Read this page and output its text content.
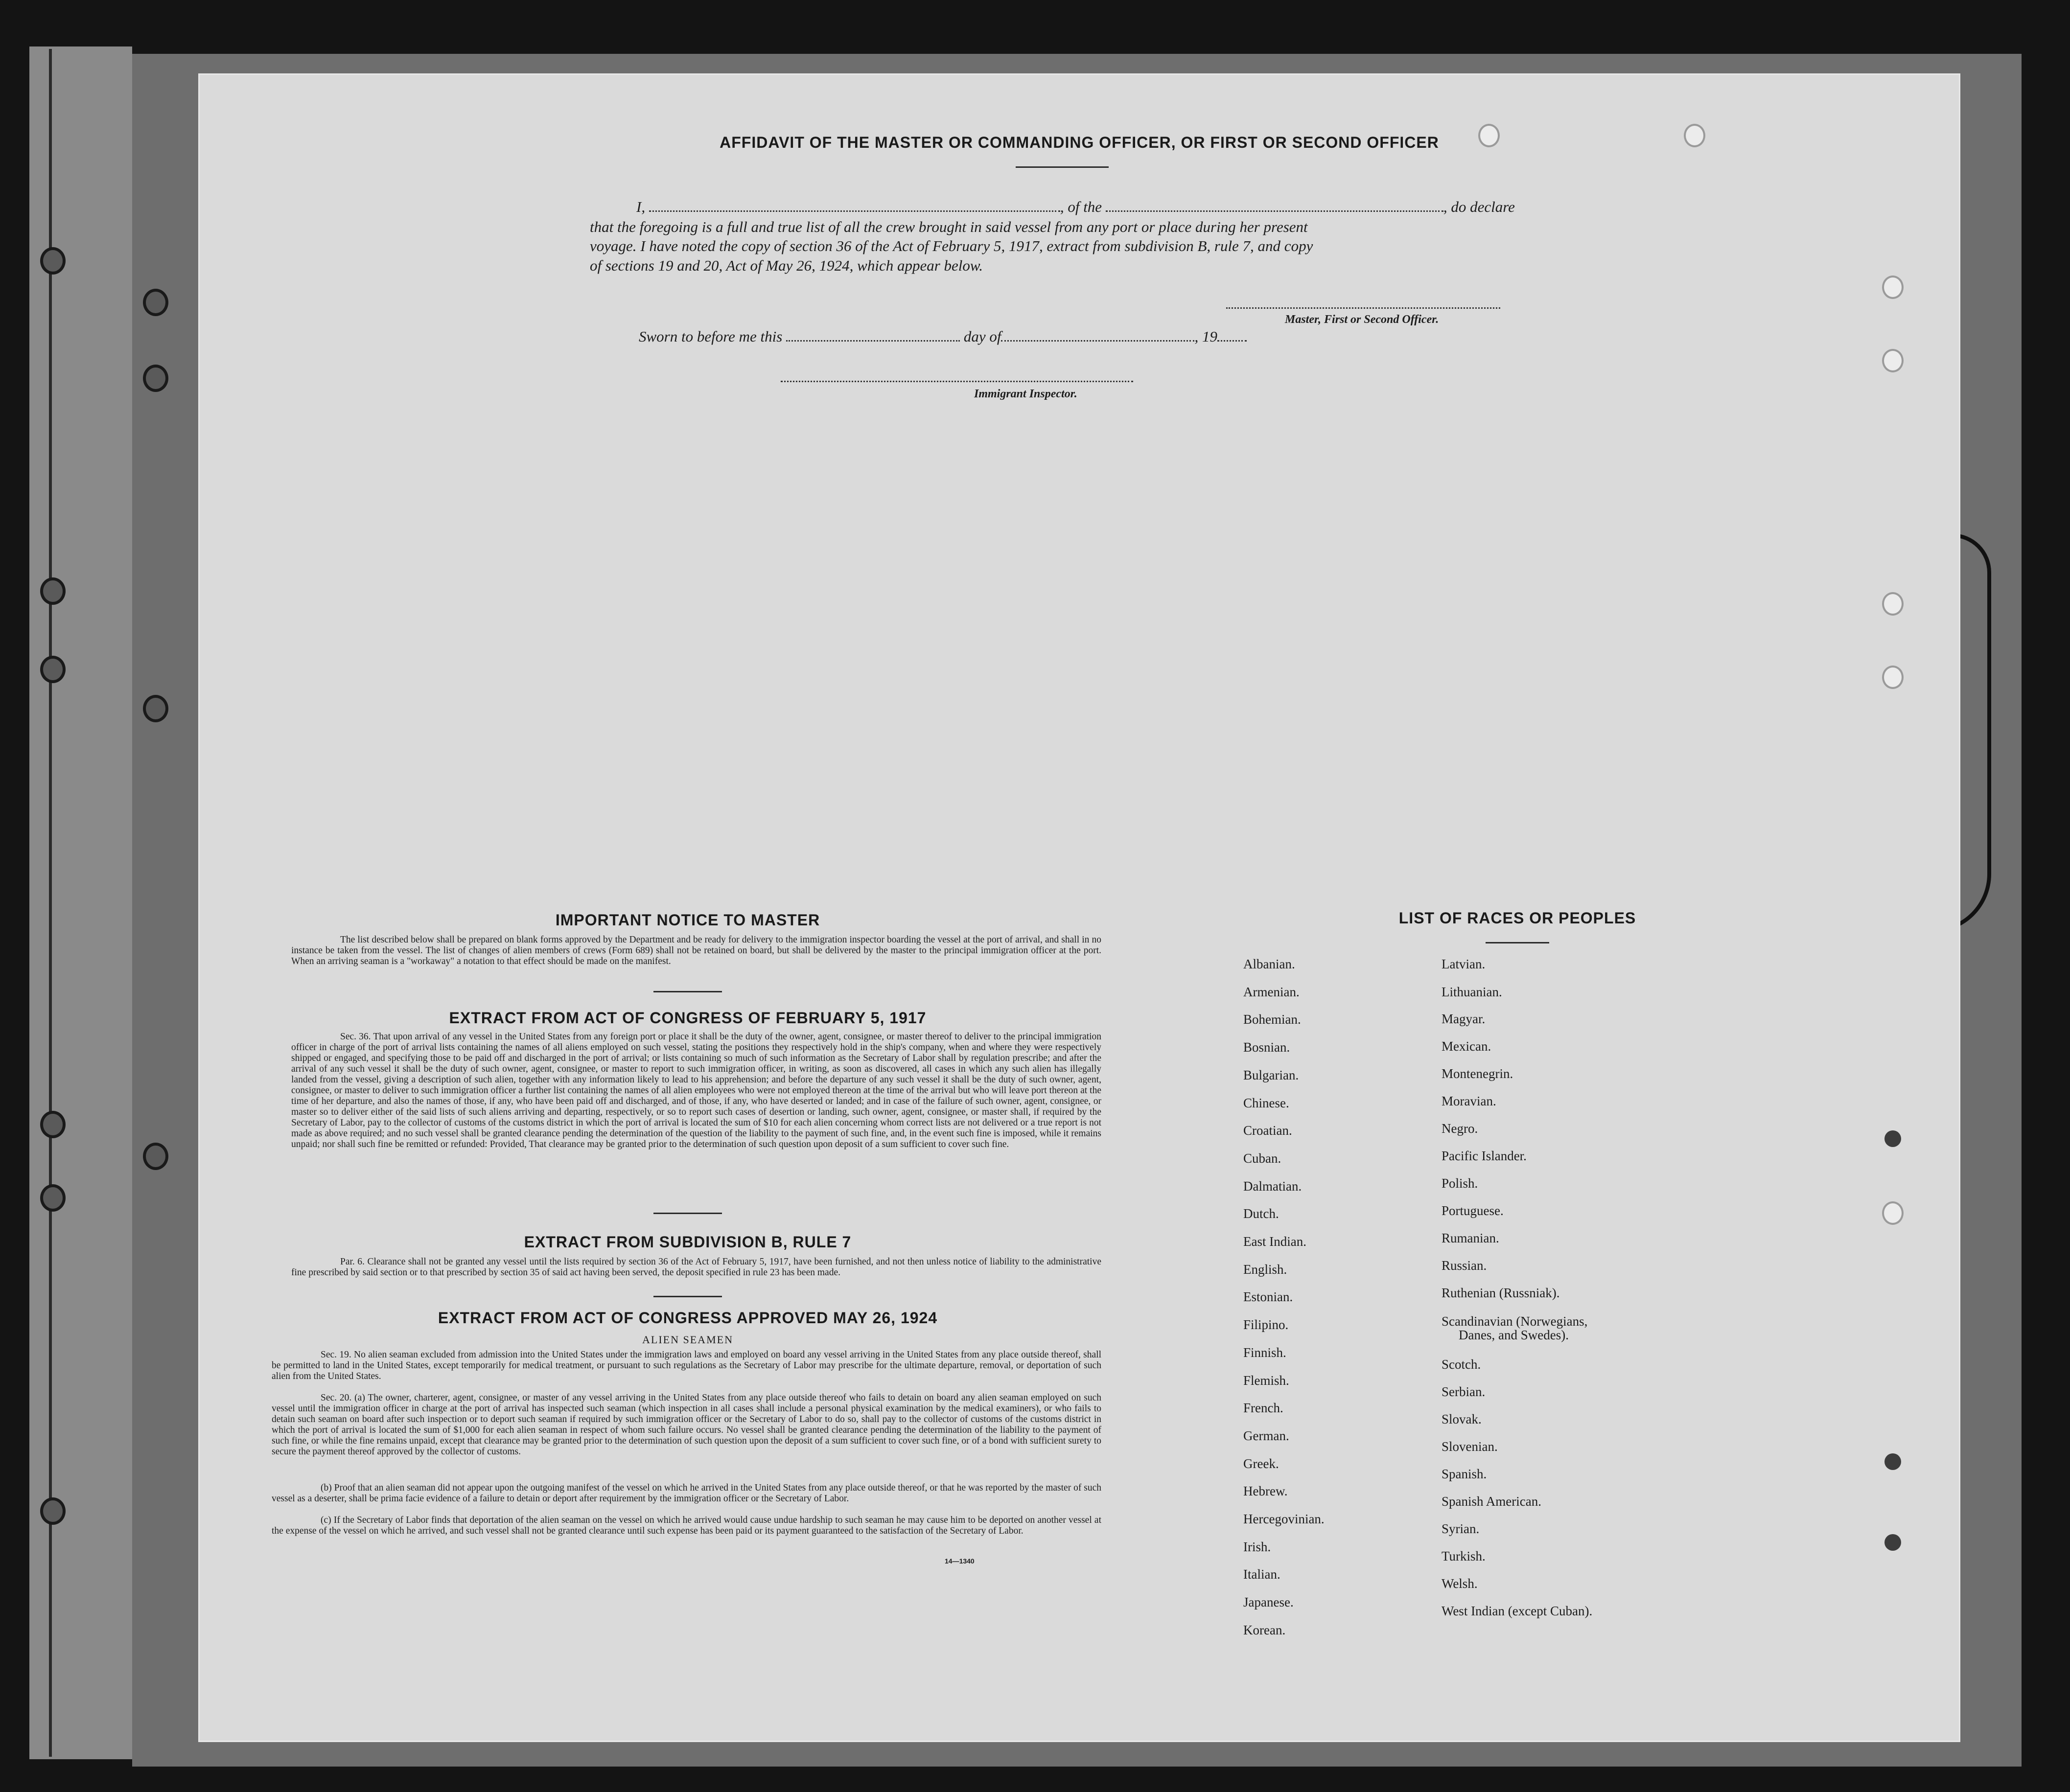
AFFIDAVIT OF THE MASTER OR COMMANDING OFFICER, OR FIRST OR SECOND OFFICER
I,	, of the	, do declare
that the foregoing is a full and true list of all the crew brought in said vessel from any port or place during her present
voyage. I have noted the copy of section 36 of the Act of February 5, 1917, extract from subdivision B, rule 7, and copy
of sections 19 and 20, Act of May 26, 1924, which appear below.
Master, First or Second Officer.
Sworn to before me this	day of	, 19
Immigrant Inspector.
IMPORTANT NOTICE TO MASTER
The list described below shall be prepared on blank forms approved by the Department and be ready for delivery to the immigration inspector boarding the vessel at the port of arrival, and shall in no instance be taken from the vessel. The list of changes of alien members of crews (Form 689) shall not be retained on board, but shall be delivered by the master to the principal immigration officer at the port. When an arriving seaman is a "workaway" a notation to that effect should be made on the manifest.
EXTRACT FROM ACT OF CONGRESS OF FEBRUARY 5, 1917
Sec. 36. That upon arrival of any vessel in the United States from any foreign port or place it shall be the duty of the owner, agent, consignee, or master thereof to deliver to the principal immigration officer in charge of the port of arrival lists containing the names of all aliens employed on such vessel, stating the positions they respectively hold in the ship's company, when and where they were respectively shipped or engaged, and specifying those to be paid off and discharged in the port of arrival; or lists containing so much of such information as the Secretary of Labor shall by regulation prescribe; and after the arrival of any such vessel it shall be the duty of such owner, agent, consignee, or master to report to such immigration officer, in writing, as soon as discovered, all cases in which any such alien has illegally landed from the vessel, giving a description of such alien, together with any information likely to lead to his apprehension; and before the departure of any such vessel it shall be the duty of such owner, agent, consignee, or master to deliver to such immigration officer a further list containing the names of all alien employees who were not employed thereon at the time of the arrival but who will leave port thereon at the time of her departure, and also the names of those, if any, who have been paid off and discharged, and of those, if any, who have deserted or landed; and in case of the failure of such owner, agent, consignee, or master so to deliver either of the said lists of such aliens arriving and departing, respectively, or so to report such cases of desertion or landing, such owner, agent, consignee, or master shall, if required by the Secretary of Labor, pay to the collector of customs of the customs district in which the port of arrival is located the sum of $10 for each alien concerning whom correct lists are not delivered or a true report is not made as above required; and no such vessel shall be granted clearance pending the determination of the question of the liability to the payment of such fine, and, in the event such fine is imposed, while it remains unpaid; nor shall such fine be remitted or refunded: Provided, That clearance may be granted prior to the determination of such question upon deposit of a sum sufficient to cover such fine.
EXTRACT FROM SUBDIVISION B, RULE 7
Par. 6. Clearance shall not be granted any vessel until the lists required by section 36 of the Act of February 5, 1917, have been furnished, and not then unless notice of liability to the administrative fine prescribed by said section or to that prescribed by section 35 of said act having been served, the deposit specified in rule 23 has been made.
EXTRACT FROM ACT OF CONGRESS APPROVED MAY 26, 1924
ALIEN SEAMEN
Sec. 19. No alien seaman excluded from admission into the United States under the immigration laws and employed on board any vessel arriving in the United States from any place outside thereof, shall be permitted to land in the United States, except temporarily for medical treatment, or pursuant to such regulations as the Secretary of Labor may prescribe for the ultimate departure, removal, or deportation of such alien from the United States.
Sec. 20. (a) The owner, charterer, agent, consignee, or master of any vessel arriving in the United States from any place outside thereof who fails to detain on board any alien seaman employed on such vessel until the immigration officer in charge at the port of arrival has inspected such seaman (which inspection in all cases shall include a personal physical examination by the medical examiners), or who fails to detain such seaman on board after such inspection or to deport such seaman if required by such immigration officer or the Secretary of Labor to do so, shall pay to the collector of customs of the customs district in which the port of arrival is located the sum of $1,000 for each alien seaman in respect of whom such failure occurs. No vessel shall be granted clearance pending the determination of the liability to the payment of such fine, or while the fine remains unpaid, except that clearance may be granted prior to the determination of such question upon the deposit of a sum sufficient to cover such fine, or of a bond with sufficient surety to secure the payment thereof approved by the collector of customs.
(b) Proof that an alien seaman did not appear upon the outgoing manifest of the vessel on which he arrived in the United States from any place outside thereof, or that he was reported by the master of such vessel as a deserter, shall be prima facie evidence of a failure to detain or deport after requirement by the immigration officer or the Secretary of Labor.
(c) If the Secretary of Labor finds that deportation of the alien seaman on the vessel on which he arrived would cause undue hardship to such seaman he may cause him to be deported on another vessel at the expense of the vessel on which he arrived, and such vessel shall not be granted clearance until such expense has been paid or its payment guaranteed to the satisfaction of the Secretary of Labor.
14—1340
LIST OF RACES OR PEOPLES
Albanian.
Armenian.
Bohemian.
Bosnian.
Bulgarian.
Chinese.
Croatian.
Cuban.
Dalmatian.
Dutch.
East Indian.
English.
Estonian.
Filipino.
Finnish.
Flemish.
French.
German.
Greek.
Hebrew.
Hercegovinian.
Irish.
Italian.
Japanese.
Korean.
Latvian.
Lithuanian.
Magyar.
Mexican.
Montenegrin.
Moravian.
Negro.
Pacific Islander.
Polish.
Portuguese.
Rumanian.
Russian.
Ruthenian (Russniak).
Scandinavian (Norwegians,
Danes, and Swedes).
Scotch.
Serbian.
Slovak.
Slovenian.
Spanish.
Spanish American.
Syrian.
Turkish.
Welsh.
West Indian (except Cuban).
